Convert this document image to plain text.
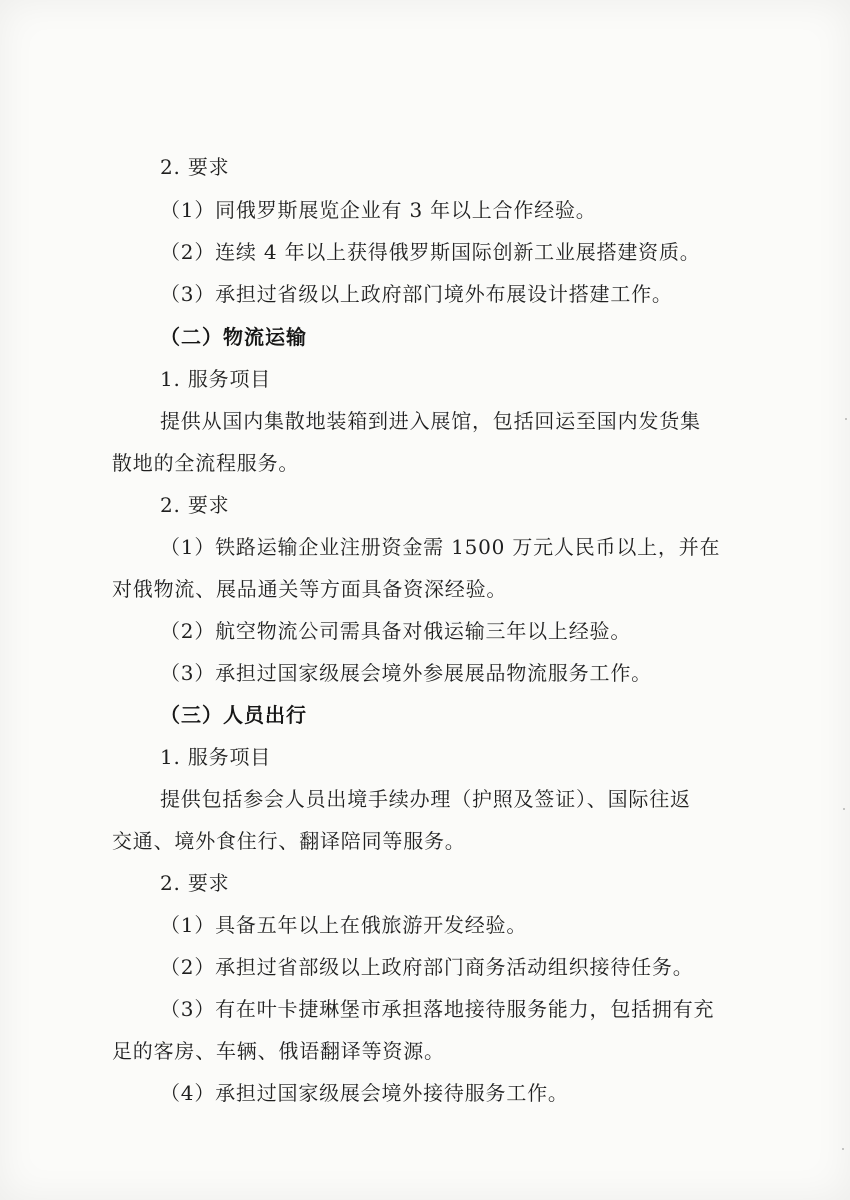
2. 要求
（1）同俄罗斯展览企业有 3 年以上合作经验。
（2）连续 4 年以上获得俄罗斯国际创新工业展搭建资质。
（3）承担过省级以上政府部门境外布展设计搭建工作。
（二）物流运输
1. 服务项目
提供从国内集散地装箱到进入展馆，包括回运至国内发货集
散地的全流程服务。
2. 要求
（1）铁路运输企业注册资金需 1500 万元人民币以上，并在
对俄物流、展品通关等方面具备资深经验。
（2）航空物流公司需具备对俄运输三年以上经验。
（3）承担过国家级展会境外参展展品物流服务工作。
（三）人员出行
1. 服务项目
提供包括参会人员出境手续办理（护照及签证）、国际往返
交通、境外食住行、翻译陪同等服务。
2. 要求
（1）具备五年以上在俄旅游开发经验。
（2）承担过省部级以上政府部门商务活动组织接待任务。
（3）有在叶卡捷琳堡市承担落地接待服务能力，包括拥有充
足的客房、车辆、俄语翻译等资源。
（4）承担过国家级展会境外接待服务工作。
